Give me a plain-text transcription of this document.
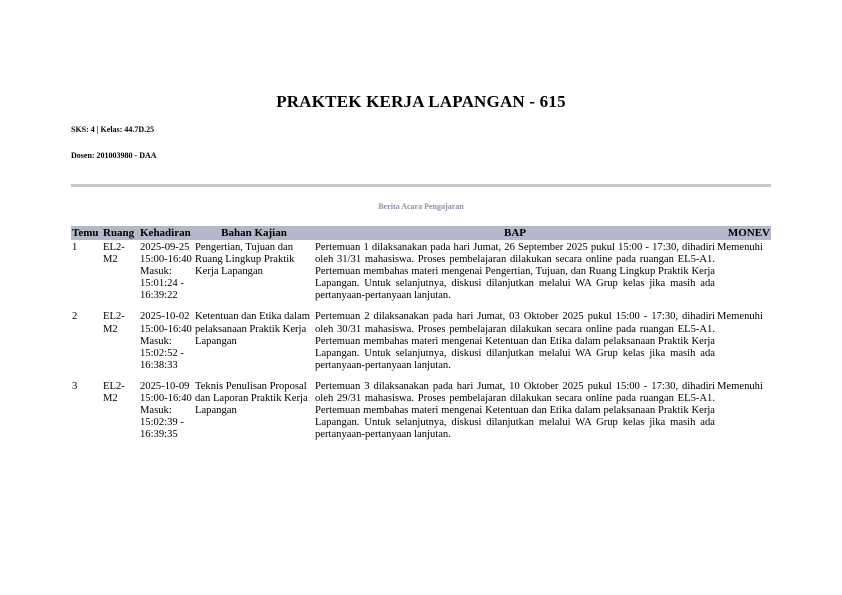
PRAKTEK KERJA LAPANGAN - 615
SKS: 4 | Kelas: 44.7D.25
Dosen: 201003980 - DAA
Berita Acara Pengajaran
Temu	Ruang	Kehadiran	Bahan Kajian	BAP	MONEV
1	EL2-M2	2025-09-25 15:00-16:40 Masuk: 15:01:24 - 16:39:22	Pengertian, Tujuan dan Ruang Lingkup Praktik Kerja Lapangan	Pertemuan 1 dilaksanakan pada hari Jumat, 26 September 2025 pukul 15:00 - 17:30, dihadiri oleh 31/31 mahasiswa. Proses pembelajaran dilakukan secara online pada ruangan EL5-A1. Pertemuan membahas materi mengenai Pengertian, Tujuan, dan Ruang Lingkup Praktik Kerja Lapangan. Untuk selanjutnya, diskusi dilanjutkan melalui WA Grup kelas jika masih ada pertanyaan-pertanyaan lanjutan.	Memenuhi
2	EL2-M2	2025-10-02 15:00-16:40 Masuk: 15:02:52 - 16:38:33	Ketentuan dan Etika dalam pelaksanaan Praktik Kerja Lapangan	Pertemuan 2 dilaksanakan pada hari Jumat, 03 Oktober 2025 pukul 15:00 - 17:30, dihadiri oleh 30/31 mahasiswa. Proses pembelajaran dilakukan secara online pada ruangan EL5-A1. Pertemuan membahas materi mengenai Ketentuan dan Etika dalam pelaksanaan Praktik Kerja Lapangan. Untuk selanjutnya, diskusi dilanjutkan melalui WA Grup kelas jika masih ada pertanyaan-pertanyaan lanjutan.	Memenuhi
3	EL2-M2	2025-10-09 15:00-16:40 Masuk: 15:02:39 - 16:39:35	Teknis Penulisan Proposal dan Laporan Praktik Kerja Lapangan	Pertemuan 3 dilaksanakan pada hari Jumat, 10 Oktober 2025 pukul 15:00 - 17:30, dihadiri oleh 29/31 mahasiswa. Proses pembelajaran dilakukan secara online pada ruangan EL5-A1. Pertemuan membahas materi mengenai Ketentuan dan Etika dalam pelaksanaan Praktik Kerja Lapangan. Untuk selanjutnya, diskusi dilanjutkan melalui WA Grup kelas jika masih ada pertanyaan-pertanyaan lanjutan.	Memenuhi
